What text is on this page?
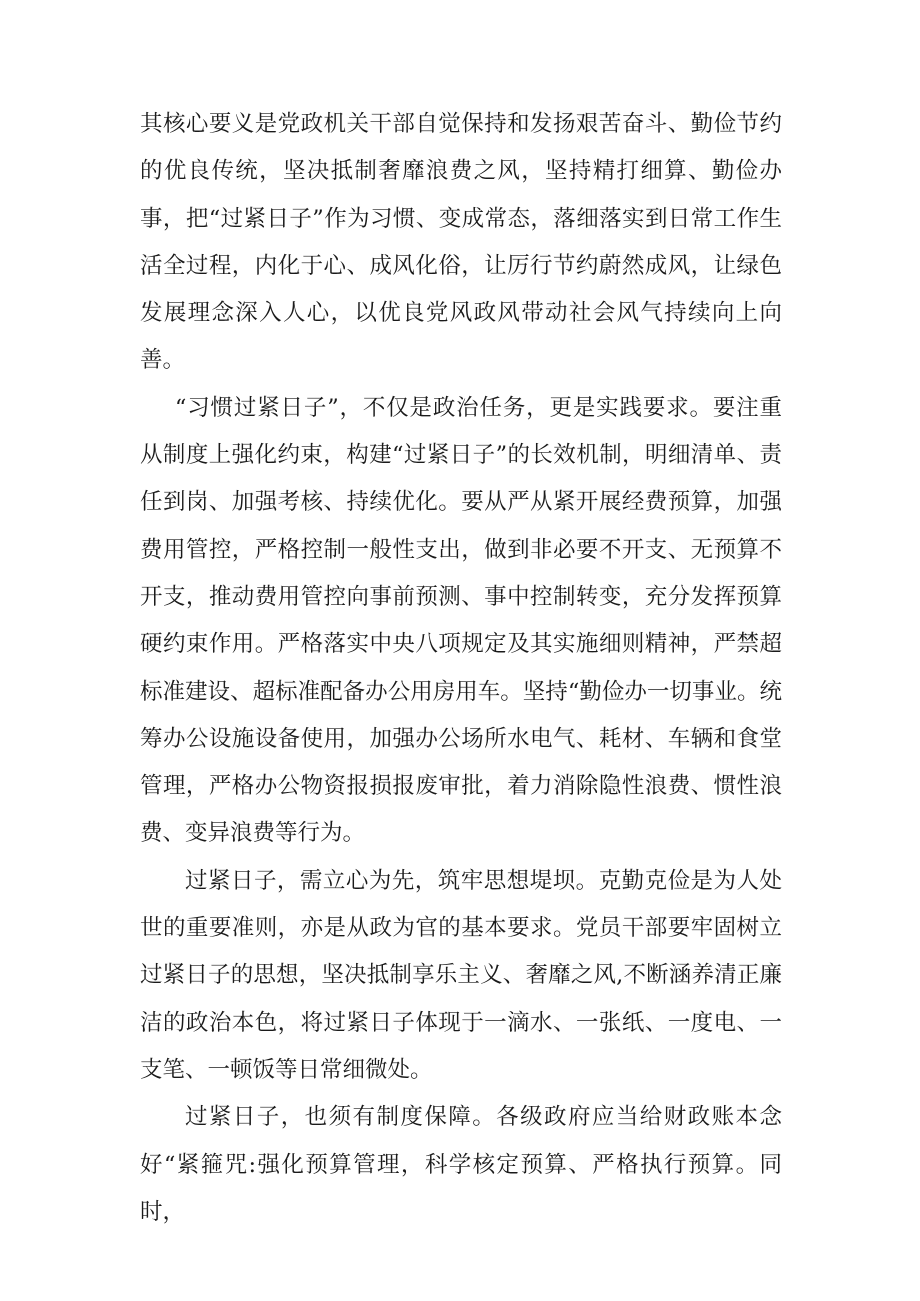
其核心要义是党政机关干部自觉保持和发扬艰苦奋斗、勤俭节约的优良传统，坚决抵制奢靡浪费之风，坚持精打细算、勤俭办事，把“过紧日子”作为习惯、变成常态，落细落实到日常工作生活全过程，内化于心、成风化俗，让厉行节约蔚然成风，让绿色发展理念深入人心，以优良党风政风带动社会风气持续向上向善。

“习惯过紧日子”，不仅是政治任务，更是实践要求。要注重从制度上强化约束，构建“过紧日子”的长效机制，明细清单、责任到岗、加强考核、持续优化。要从严从紧开展经费预算，加强费用管控，严格控制一般性支出，做到非必要不开支、无预算不开支，推动费用管控向事前预测、事中控制转变，充分发挥预算硬约束作用。严格落实中央八项规定及其实施细则精神，严禁超标准建设、超标准配备办公用房用车。坚持“勤俭办一切事业。统筹办公设施设备使用，加强办公场所水电气、耗材、车辆和食堂管理，严格办公物资报损报废审批，着力消除隐性浪费、惯性浪费、变异浪费等行为。

过紧日子，需立心为先，筑牢思想堤坝。克勤克俭是为人处世的重要准则，亦是从政为官的基本要求。党员干部要牢固树立过紧日子的思想，坚决抵制享乐主义、奢靡之风,不断涵养清正廉洁的政治本色，将过紧日子体现于一滴水、一张纸、一度电、一支笔、一顿饭等日常细微处。

过紧日子，也须有制度保障。各级政府应当给财政账本念好“紧箍咒:强化预算管理，科学核定预算、严格执行预算。同时，
